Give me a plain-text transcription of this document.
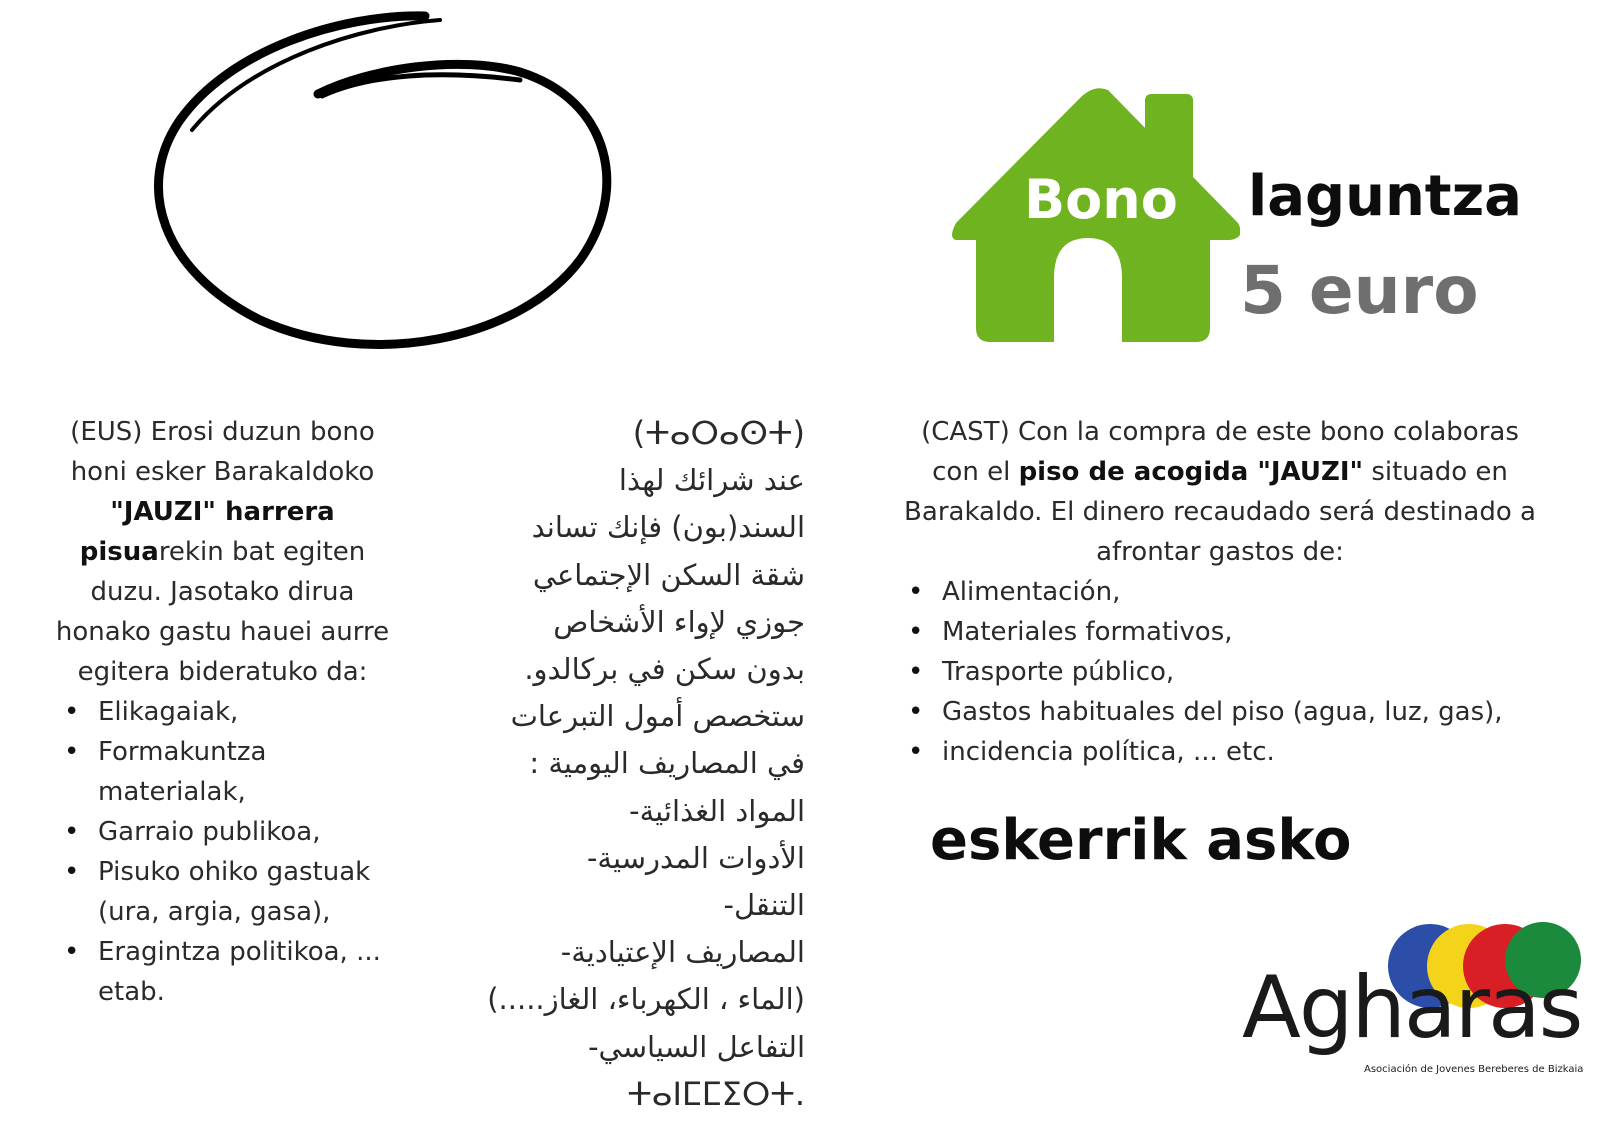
Bono laguntza
5 euro
(EUS) Erosi duzun bono honi esker Barakaldoko "JAUZI" harrera pisuarekin bat egiten duzu. Jasotako dirua honako gastu hauei aurre egitera bideratuko da:
• Elikagaiak,
• Formakuntza materialak,
• Garraio publikoa,
• Pisuko ohiko gastuak (ura, argia, gasa),
• Eragintza politikoa, ... etab.
(ⵜⴰⵔⴰⵙⵜ)
عند شرائك لهذا
السند(بون) فإنك تساند
شقة السكن الإجتماعي
جوزي لإواء الأشخاص
بدون سكن في بركالدو.
ستخصص أمول التبرعات
في المصاريف اليومية :
المواد الغذائية-
الأدوات المدرسية-
التنقل-
المصاريف الإعتيادية-
(الماء ، الكهرباء، الغاز.....)
التفاعل السياسي-
ⵜⴰⵏⵎⵎⵉⵔⵜ.
(CAST) Con la compra de este bono colaboras con el piso de acogida "JAUZI" situado en Barakaldo. El dinero recaudado será destinado a afrontar gastos de:
• Alimentación,
• Materiales formativos,
• Trasporte público,
• Gastos habituales del piso (agua, luz, gas),
• incidencia política, ... etc.
eskerrik asko
Agharas
Asociación de Jovenes Bereberes de Bizkaia
